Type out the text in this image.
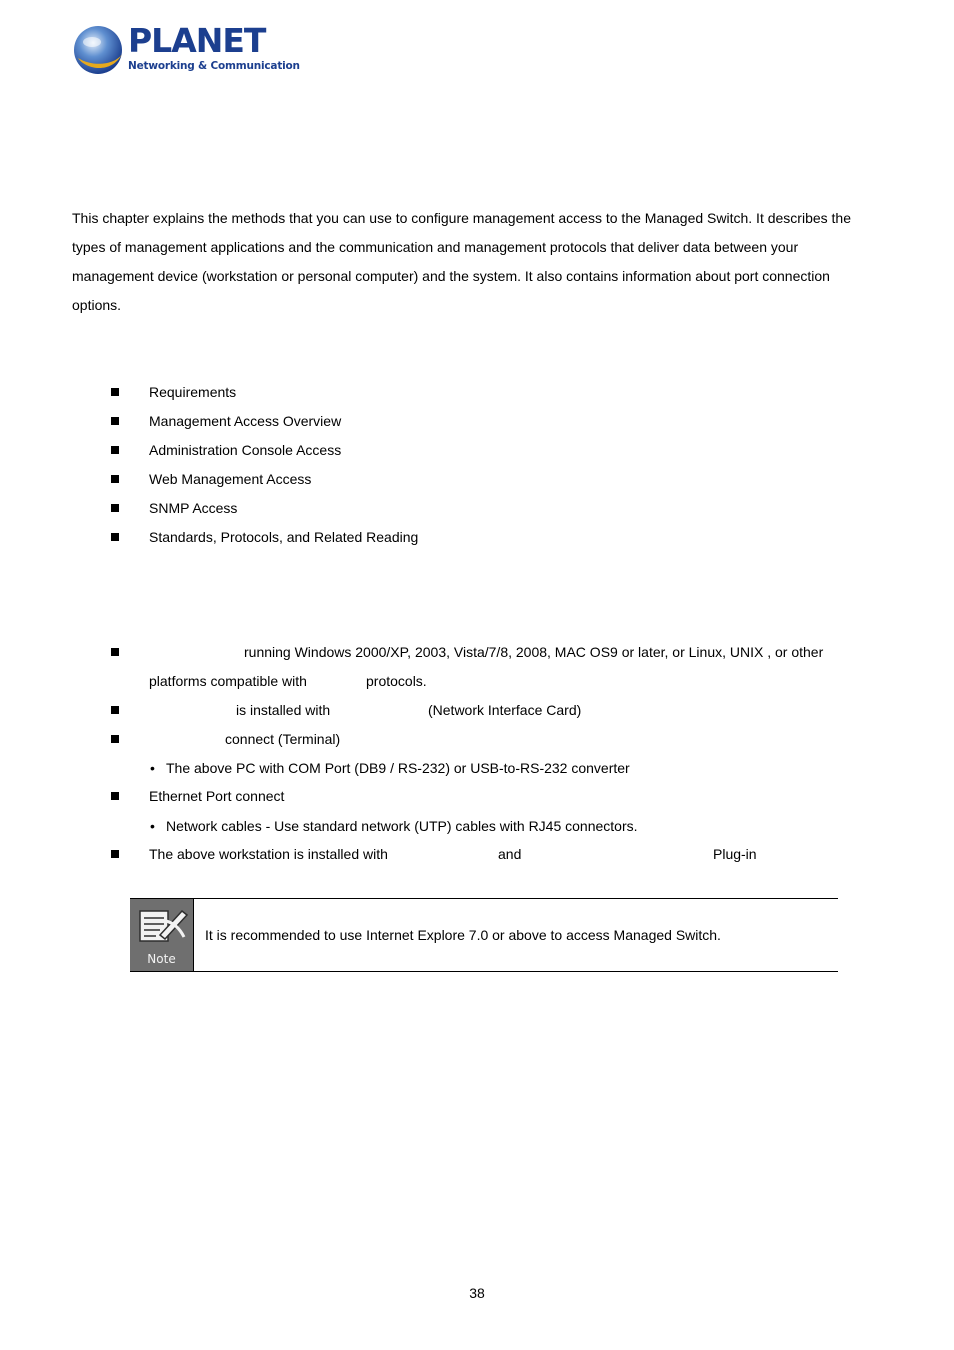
PLANET
Networking & Communication
This chapter explains the methods that you can use to configure management access to the Managed Switch. It describes the
types of management applications and the communication and management protocols that deliver data between your
management device (workstation or personal computer) and the system. It also contains information about port connection
options.
Requirements
Management Access Overview
Administration Console Access
Web Management Access
SNMP Access
Standards, Protocols, and Related Reading
running Windows 2000/XP, 2003, Vista/7/8, 2008, MAC OS9 or later, or Linux, UNIX , or other
platforms compatible with	protocols.
is installed with	(Network Interface Card)
connect (Terminal)
• The above PC with COM Port (DB9 / RS-232) or USB-to-RS-232 converter
Ethernet Port connect
• Network cables - Use standard network (UTP) cables with RJ45 connectors.
The above workstation is installed with	and	Plug-in
Note
It is recommended to use Internet Explore 7.0 or above to access Managed Switch.
38
